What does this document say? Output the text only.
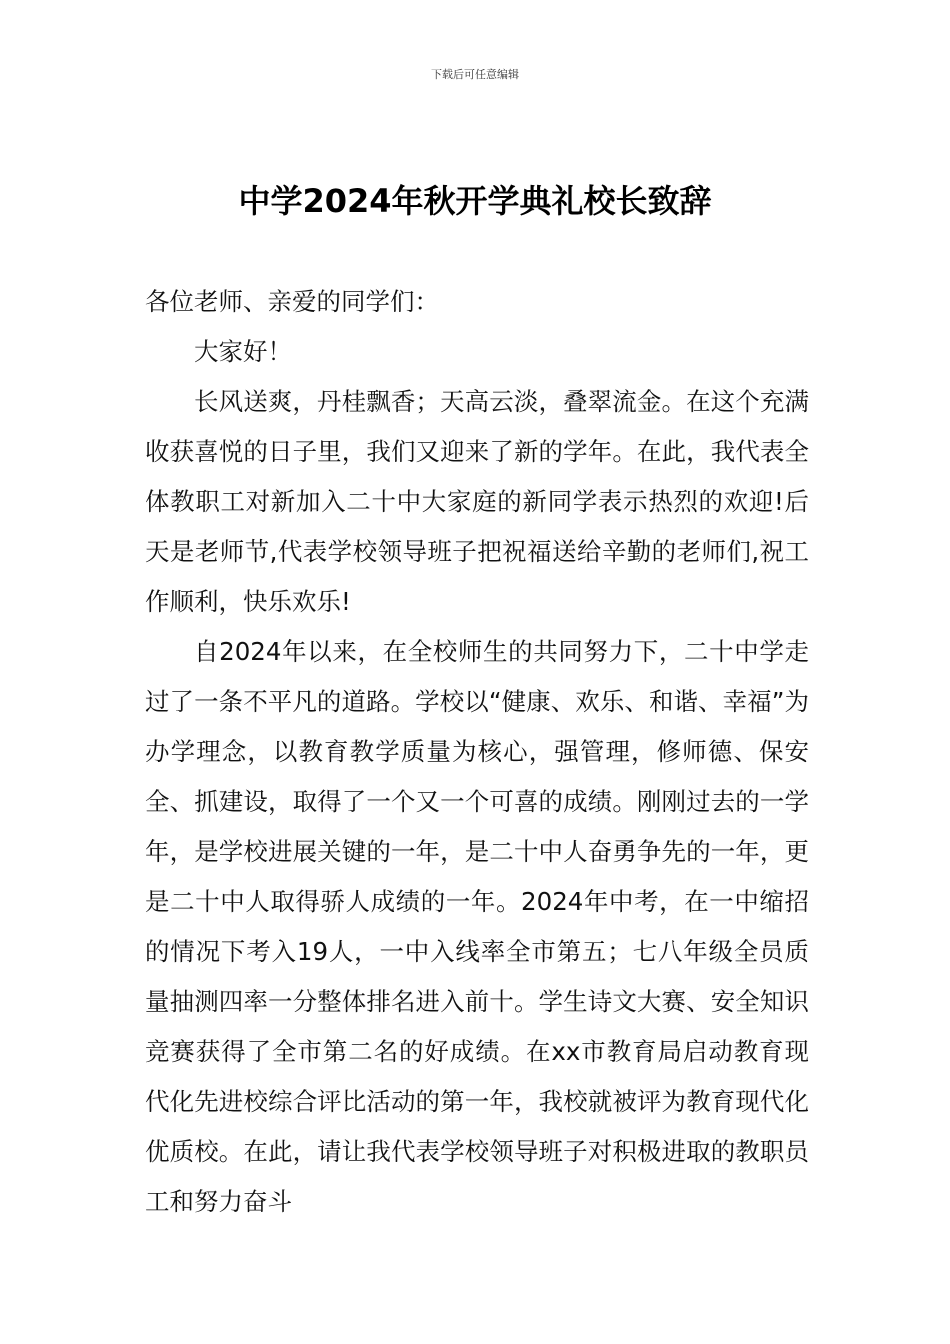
下载后可任意编辑
中学2024年秋开学典礼校长致辞

各位老师、亲爱的同学们：

大家好！

长风送爽，丹桂飘香；天高云淡，叠翠流金。在这个充满收获喜悦的日子里，我们又迎来了新的学年。在此，我代表全体教职工对新加入二十中大家庭的新同学表示热烈的欢迎!后天是老师节,代表学校领导班子把祝福送给辛勤的老师们,祝工作顺利，快乐欢乐!

自2024年以来，在全校师生的共同努力下，二十中学走过了一条不平凡的道路。学校以“健康、欢乐、和谐、幸福”为办学理念，以教育教学质量为核心，强管理，修师德、保安全、抓建设，取得了一个又一个可喜的成绩。刚刚过去的一学年，是学校进展关键的一年，是二十中人奋勇争先的一年，更是二十中人取得骄人成绩的一年。2024年中考，在一中缩招的情况下考入19人，一中入线率全市第五；七八年级全员质量抽测四率一分整体排名进入前十。学生诗文大赛、安全知识竞赛获得了全市第二名的好成绩。在xx市教育局启动教育现代化先进校综合评比活动的第一年，我校就被评为教育现代化优质校。在此，请让我代表学校领导班子对积极进取的教职员工和努力奋斗
